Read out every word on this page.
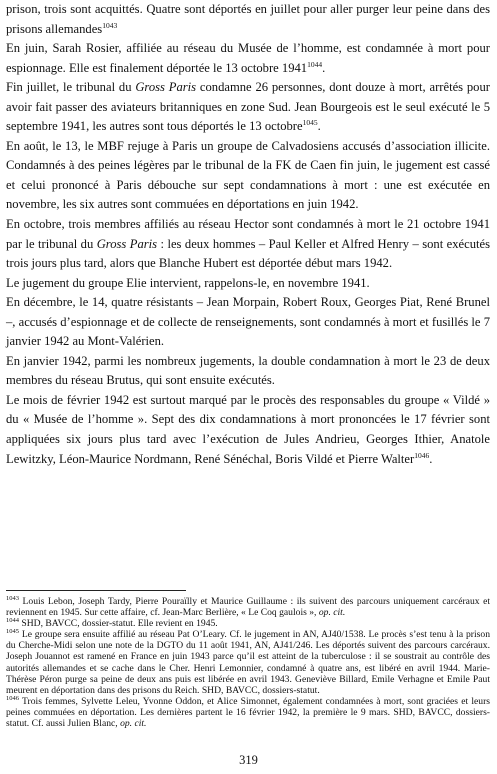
prison, trois sont acquittés. Quatre sont déportés en juillet pour aller purger leur peine dans des prisons allemandes$^{1043}$

En juin, Sarah Rosier, affiliée au réseau du Musée de l’homme, est condamnée à mort pour espionnage. Elle est finalement déportée le 13 octobre $1941^{1044}$.

Fin juillet, le tribunal du Gross Paris condamne 26 personnes, dont douze à mort, arrêtés pour avoir fait passer des aviateurs britanniques en zone Sud. Jean Bourgeois est le seul exécuté le 5 septembre 1941, les autres sont tous déportés le 13 octobre$^{1045}$.

En août, le 13, le MBF rejuge à Paris un groupe de Calvadosiens accusés d’association illicite. Condamnés à des peines légères par le tribunal de la FK de Caen fin juin, le jugement est cassé et celui prononcé à Paris débouche sur sept condamnations à mort : une est exécutée en novembre, les six autres sont commuées en déportations en juin 1942.

En octobre, trois membres affiliés au réseau Hector sont condamnés à mort le 21 octobre 1941 par le tribunal du Gross Paris : les deux hommes – Paul Keller et Alfred Henry – sont exécutés trois jours plus tard, alors que Blanche Hubert est déportée début mars 1942.

Le jugement du groupe Elie intervient, rappelons-le, en novembre 1941.

En décembre, le 14, quatre résistants – Jean Morpain, Robert Roux, Georges Piat, René Brunel –, accusés d’espionnage et de collecte de renseignements, sont condamnés à mort et fusillés le 7 janvier 1942 au Mont-Valérien.

En janvier 1942, parmi les nombreux jugements, la double condamnation à mort le 23 de deux membres du réseau Brutus, qui sont ensuite exécutés.

Le mois de février 1942 est surtout marqué par le procès des responsables du groupe « Vildé » du « Musée de l’homme ». Sept des dix condamnations à mort prononcées le 17 février sont appliquées six jours plus tard avec l’exécution de Jules Andrieu, Georges Ithier, Anatole Lewitzky, Léon-Maurice Nordmann, René Sénéchal, Boris Vildé et Pierre Walter$^{1046}$.

$^{1043}$ Louis Lebon, Joseph Tardy, Pierre Pouraïlly et Maurice Guillaume : ils suivent des parcours uniquement carcéraux et reviennent en 1945. Sur cette affaire, cf. Jean-Marc Berlière, « Le Coq gaulois », op. cit.

$^{1044}$ SHD, BAVCC, dossier-statut. Elle revient en 1945.

$^{1045}$ Le groupe sera ensuite affilié au réseau Pat O’Leary. Cf. le jugement in AN, AJ40/1538. Le procès s’est tenu à la prison du Cherche-Midi selon une note de la DGTO du 11 août 1941, AN, AJ41/246. Les déportés suivent des parcours carcéraux. Joseph Jouannot est ramené en France en juin 1943 parce qu’il est atteint de la tuberculose : il se soustrait au contrôle des autorités allemandes et se cache dans le Cher. Henri Lemonnier, condamné à quatre ans, est libéré en avril 1944. Marie-Thérèse Péron purge sa peine de deux ans puis est libérée en avril 1943. Geneviève Billard, Emile Verhagne et Emile Paut meurent en déportation dans des prisons du Reich. SHD, BAVCC, dossiers-statut.

$^{1046}$ Trois femmes, Sylvette Leleu, Yvonne Oddon, et Alice Simonnet, également condamnées à mort, sont graciées et leurs peines commuées en déportation. Les dernières partent le 16 février 1942, la première le 9 mars. SHD, BAVCC, dossiers-statut. Cf. aussi Julien Blanc, op. cit.

319
